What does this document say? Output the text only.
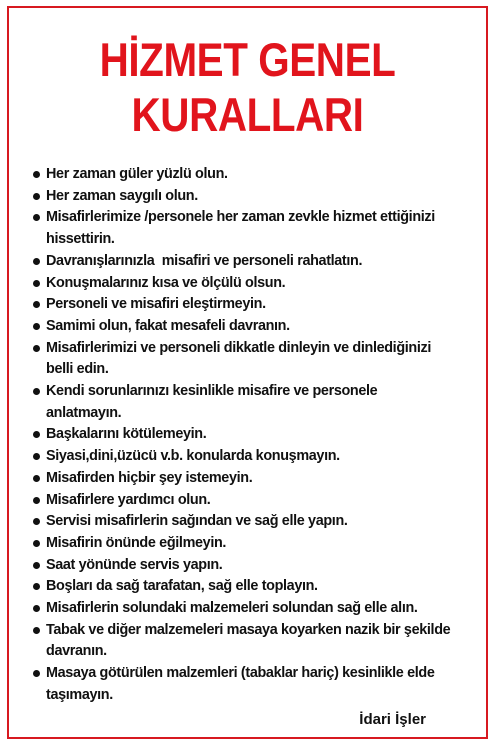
HİZMET GENEL
KURALLARI
Her zaman güler yüzlü olun.
Her zaman saygılı olun.
Misafirlerimize /personele her zaman zevkle hizmet ettiğinizi
hissettirin.
Davranışlarınızla  misafiri ve personeli rahatlatın.
Konuşmalarınız kısa ve ölçülü olsun.
Personeli ve misafiri eleştirmeyin.
Samimi olun, fakat mesafeli davranın.
Misafirlerimizi ve personeli dikkatle dinleyin ve dinlediğinizi
belli edin.
Kendi sorunlarınızı kesinlikle misafire ve personele
anlatmayın.
Başkalarını kötülemeyin.
Siyasi,dini,üzücü v.b. konularda konuşmayın.
Misafirden hiçbir şey istemeyin.
Misafirlere yardımcı olun.
Servisi misafirlerin sağından ve sağ elle yapın.
Misafirin önünde eğilmeyin.
Saat yönünde servis yapın.
Boşları da sağ tarafatan, sağ elle toplayın.
Misafirlerin solundaki malzemeleri solundan sağ elle alın.
Tabak ve diğer malzemeleri masaya koyarken nazik bir şekilde
davranın.
Masaya götürülen malzemleri (tabaklar hariç) kesinlikle elde
taşımayın.
İdari İşler
